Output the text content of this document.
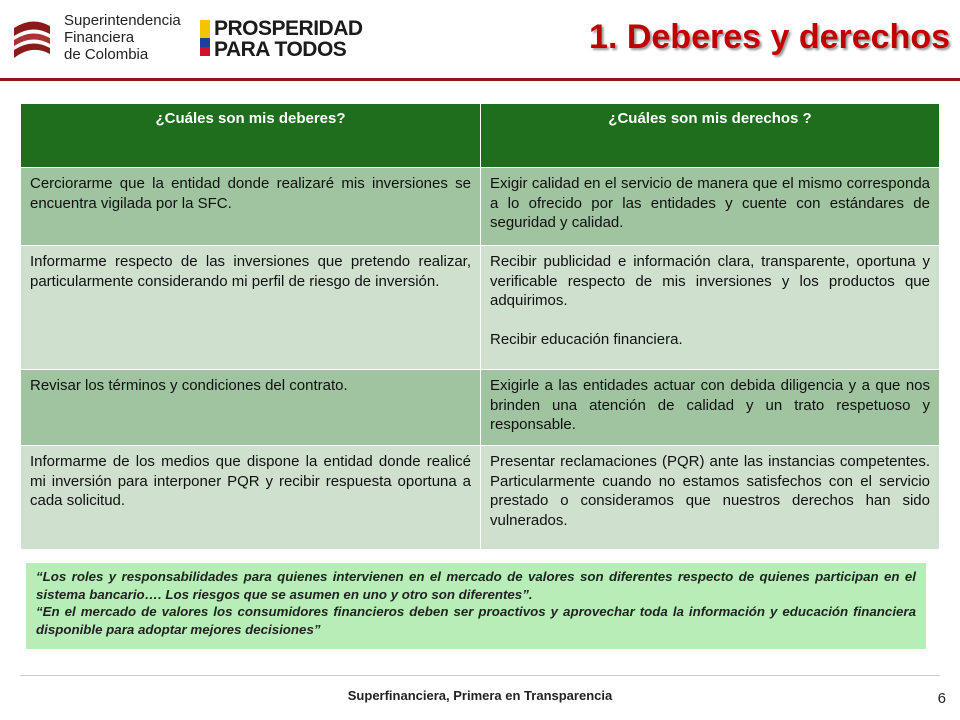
Superintendencia
Financiera
de Colombia
PROSPERIDAD
PARA TODOS	1. Deberes y derechos
¿Cuáles son mis deberes?	¿Cuáles son mis derechos ?
Cerciorarme que la entidad donde realizaré mis inversiones se encuentra vigilada por la SFC.	Exigir calidad en el servicio de manera que el mismo corresponda a lo ofrecido por las entidades y cuente con estándares de seguridad y calidad.
Informarme respecto de las inversiones que pretendo realizar, particularmente considerando mi perfil de riesgo de inversión.	Recibir publicidad e información clara, transparente, oportuna y verificable respecto de mis inversiones y los productos que adquirimos.
Recibir educación financiera.
Revisar los términos y condiciones del contrato.	Exigirle a las entidades actuar con debida diligencia y a que nos brinden una atención de calidad y un trato respetuoso y responsable.
Informarme de los medios que dispone la entidad donde realicé mi inversión para interponer PQR y recibir respuesta oportuna a cada solicitud.	Presentar reclamaciones (PQR) ante las instancias competentes. Particularmente cuando no estamos satisfechos con el servicio prestado o consideramos que nuestros derechos han sido vulnerados.

“Los roles y responsabilidades para quienes intervienen en el mercado de valores son diferentes respecto de quienes participan en el sistema bancario…. Los riesgos que se asumen en uno y otro son diferentes”.

“En el mercado de valores los consumidores financieros deben ser proactivos y aprovechar toda la información y educación financiera disponible para adoptar mejores decisiones”

Superfinanciera, Primera en Transparencia	6
